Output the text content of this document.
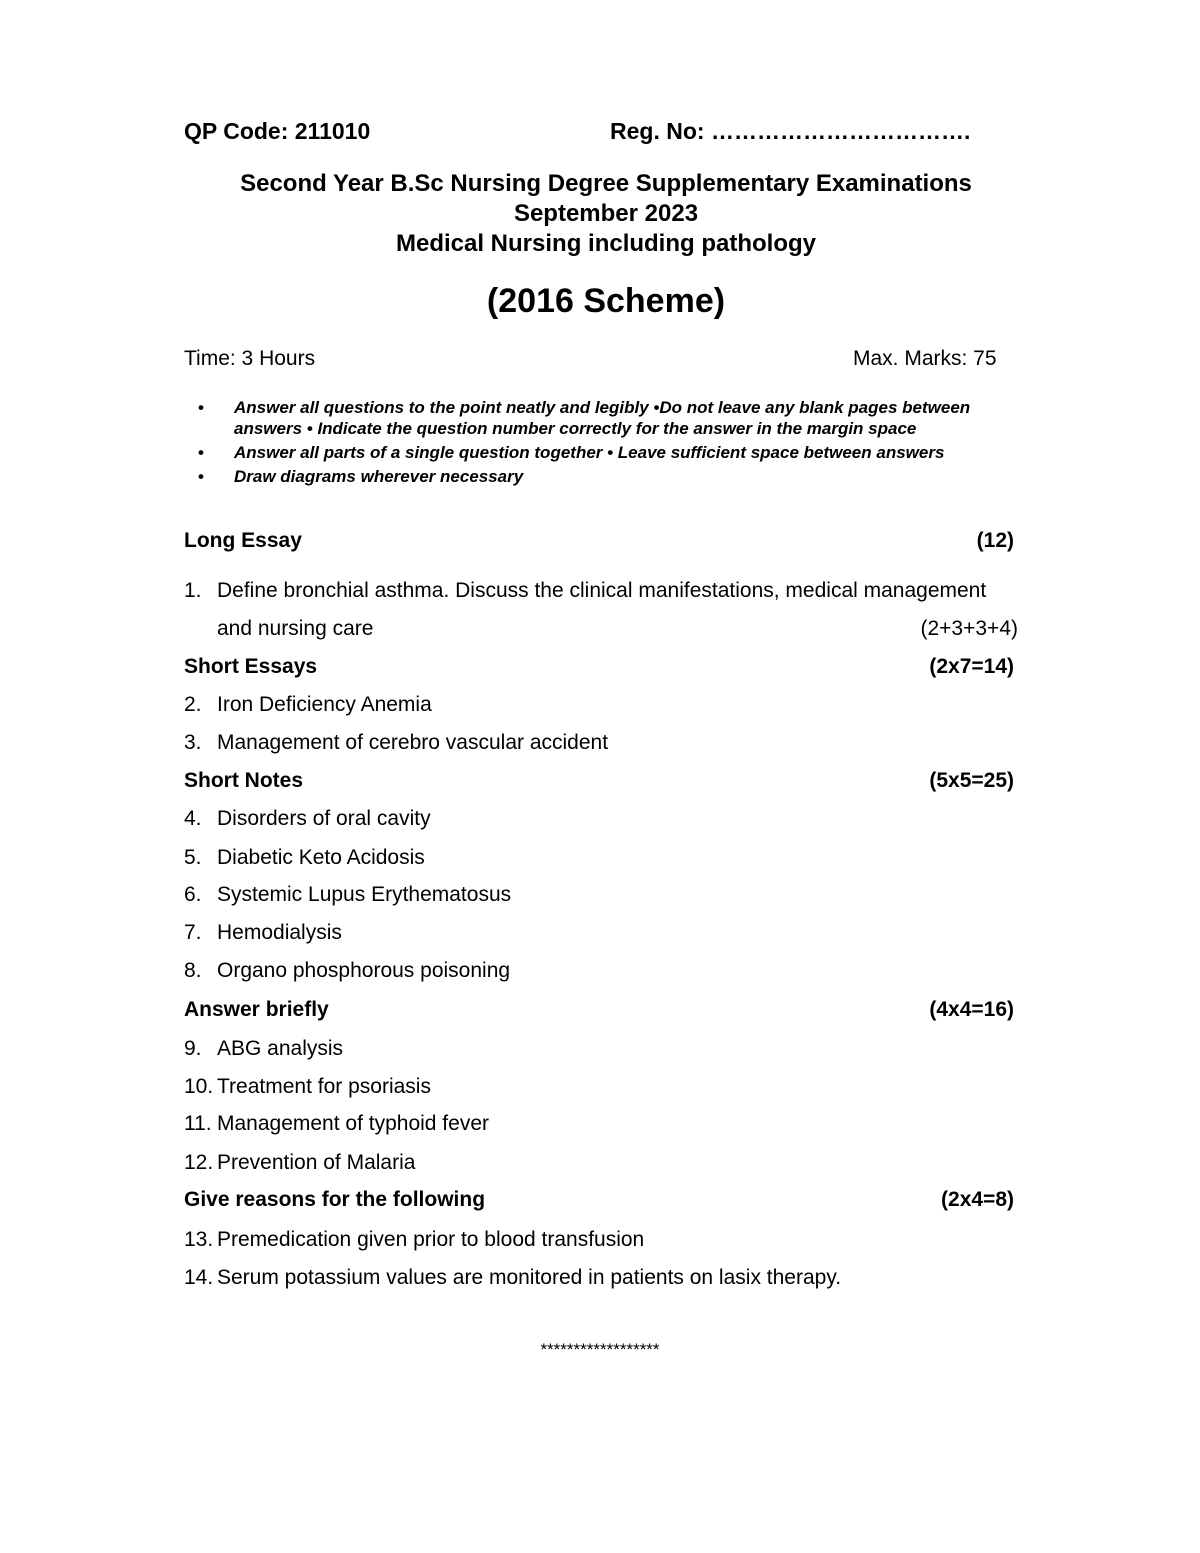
QP Code: 211010	Reg. No: …………………………….
Second Year B.Sc Nursing Degree Supplementary Examinations
September 2023
Medical Nursing including pathology
(2016 Scheme)
Time: 3 Hours	Max. Marks: 75
• Answer all questions to the point neatly and legibly •Do not leave any blank pages between answers • Indicate the question number correctly for the answer in the margin space
• Answer all parts of a single question together • Leave sufficient space between answers
• Draw diagrams wherever necessary
Long Essay	(12)
1. Define bronchial asthma. Discuss the clinical manifestations, medical management
and nursing care	(2+3+3+4)
Short Essays	(2x7=14)
2. Iron Deficiency Anemia
3. Management of cerebro vascular accident
Short Notes	(5x5=25)
4. Disorders of oral cavity
5. Diabetic Keto Acidosis
6. Systemic Lupus Erythematosus
7. Hemodialysis
8. Organo phosphorous poisoning
Answer briefly	(4x4=16)
9. ABG analysis
10. Treatment for psoriasis
11. Management of typhoid fever
12. Prevention of Malaria
Give reasons for the following	(2x4=8)
13. Premedication given prior to blood transfusion
14. Serum potassium values are monitored in patients on lasix therapy.
******************
